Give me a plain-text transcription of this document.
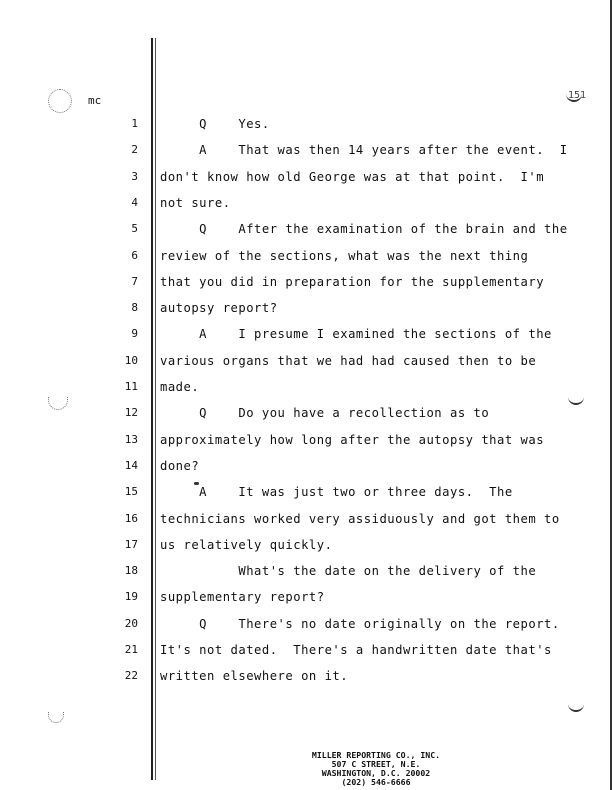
mc	151
1 Q    Yes.
2 A    That was then 14 years after the event.  I
3 don't know how old George was at that point.  I'm
4 not sure.
5 Q    After the examination of the brain and the
6 review of the sections, what was the next thing
7 that you did in preparation for the supplementary
8 autopsy report?
9 A    I presume I examined the sections of the
10 various organs that we had had caused then to be
11 made.
12 Q    Do you have a recollection as to
13 approximately how long after the autopsy that was
14 done?
15 A    It was just two or three days.  The
16 technicians worked very assiduously and got them to
17 us relatively quickly.
18 What's the date on the delivery of the
19 supplementary report?
20 Q    There's no date originally on the report.
21 It's not dated.  There's a handwritten date that's
22 written elsewhere on it.
MILLER REPORTING CO., INC.
507 C STREET, N.E.
WASHINGTON, D.C. 20002
(202) 546-6666
